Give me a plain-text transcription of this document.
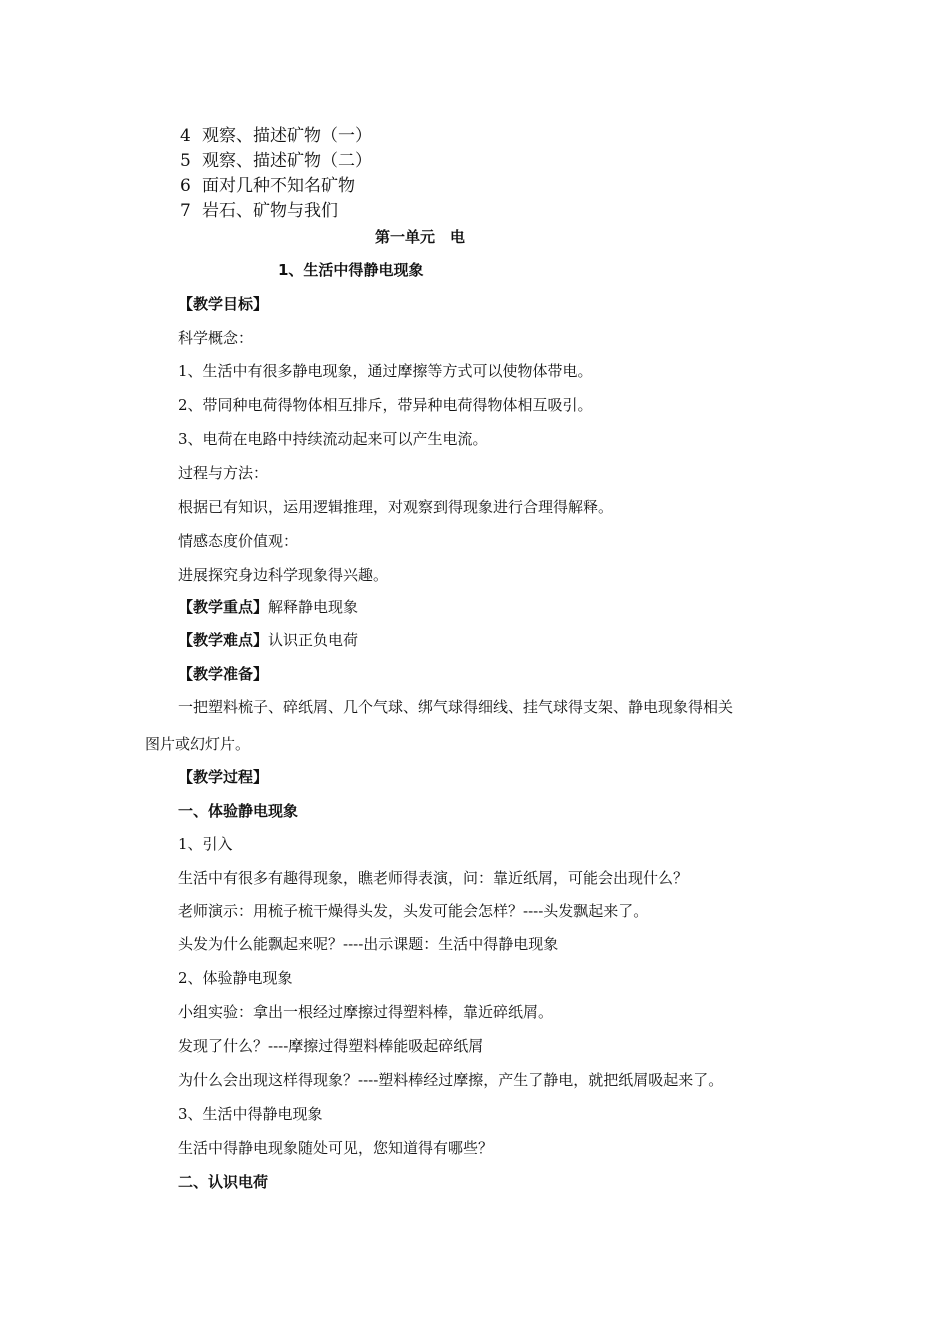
4 观察、描述矿物（一）
5 观察、描述矿物（二）
6 面对几种不知名矿物
7 岩石、矿物与我们
第一单元　电
1、生活中得静电现象
【教学目标】
科学概念：
1、生活中有很多静电现象，通过摩擦等方式可以使物体带电。
2、带同种电荷得物体相互排斥，带异种电荷得物体相互吸引。
3、电荷在电路中持续流动起来可以产生电流。
过程与方法：
根据已有知识，运用逻辑推理，对观察到得现象进行合理得解释。
情感态度价值观：
进展探究身边科学现象得兴趣。
【教学重点】解释静电现象
【教学难点】认识正负电荷
【教学准备】
一把塑料梳子、碎纸屑、几个气球、绑气球得细线、挂气球得支架、静电现象得相关
图片或幻灯片。
【教学过程】
一、体验静电现象
1、引入
生活中有很多有趣得现象，瞧老师得表演，问：靠近纸屑，可能会出现什么？
老师演示：用梳子梳干燥得头发，头发可能会怎样？----头发飘起来了。
头发为什么能飘起来呢？----出示课题：生活中得静电现象
2、体验静电现象
小组实验：拿出一根经过摩擦过得塑料棒，靠近碎纸屑。
发现了什么？----摩擦过得塑料棒能吸起碎纸屑
为什么会出现这样得现象？----塑料棒经过摩擦，产生了静电，就把纸屑吸起来了。
3、生活中得静电现象
生活中得静电现象随处可见，您知道得有哪些？
二、认识电荷
